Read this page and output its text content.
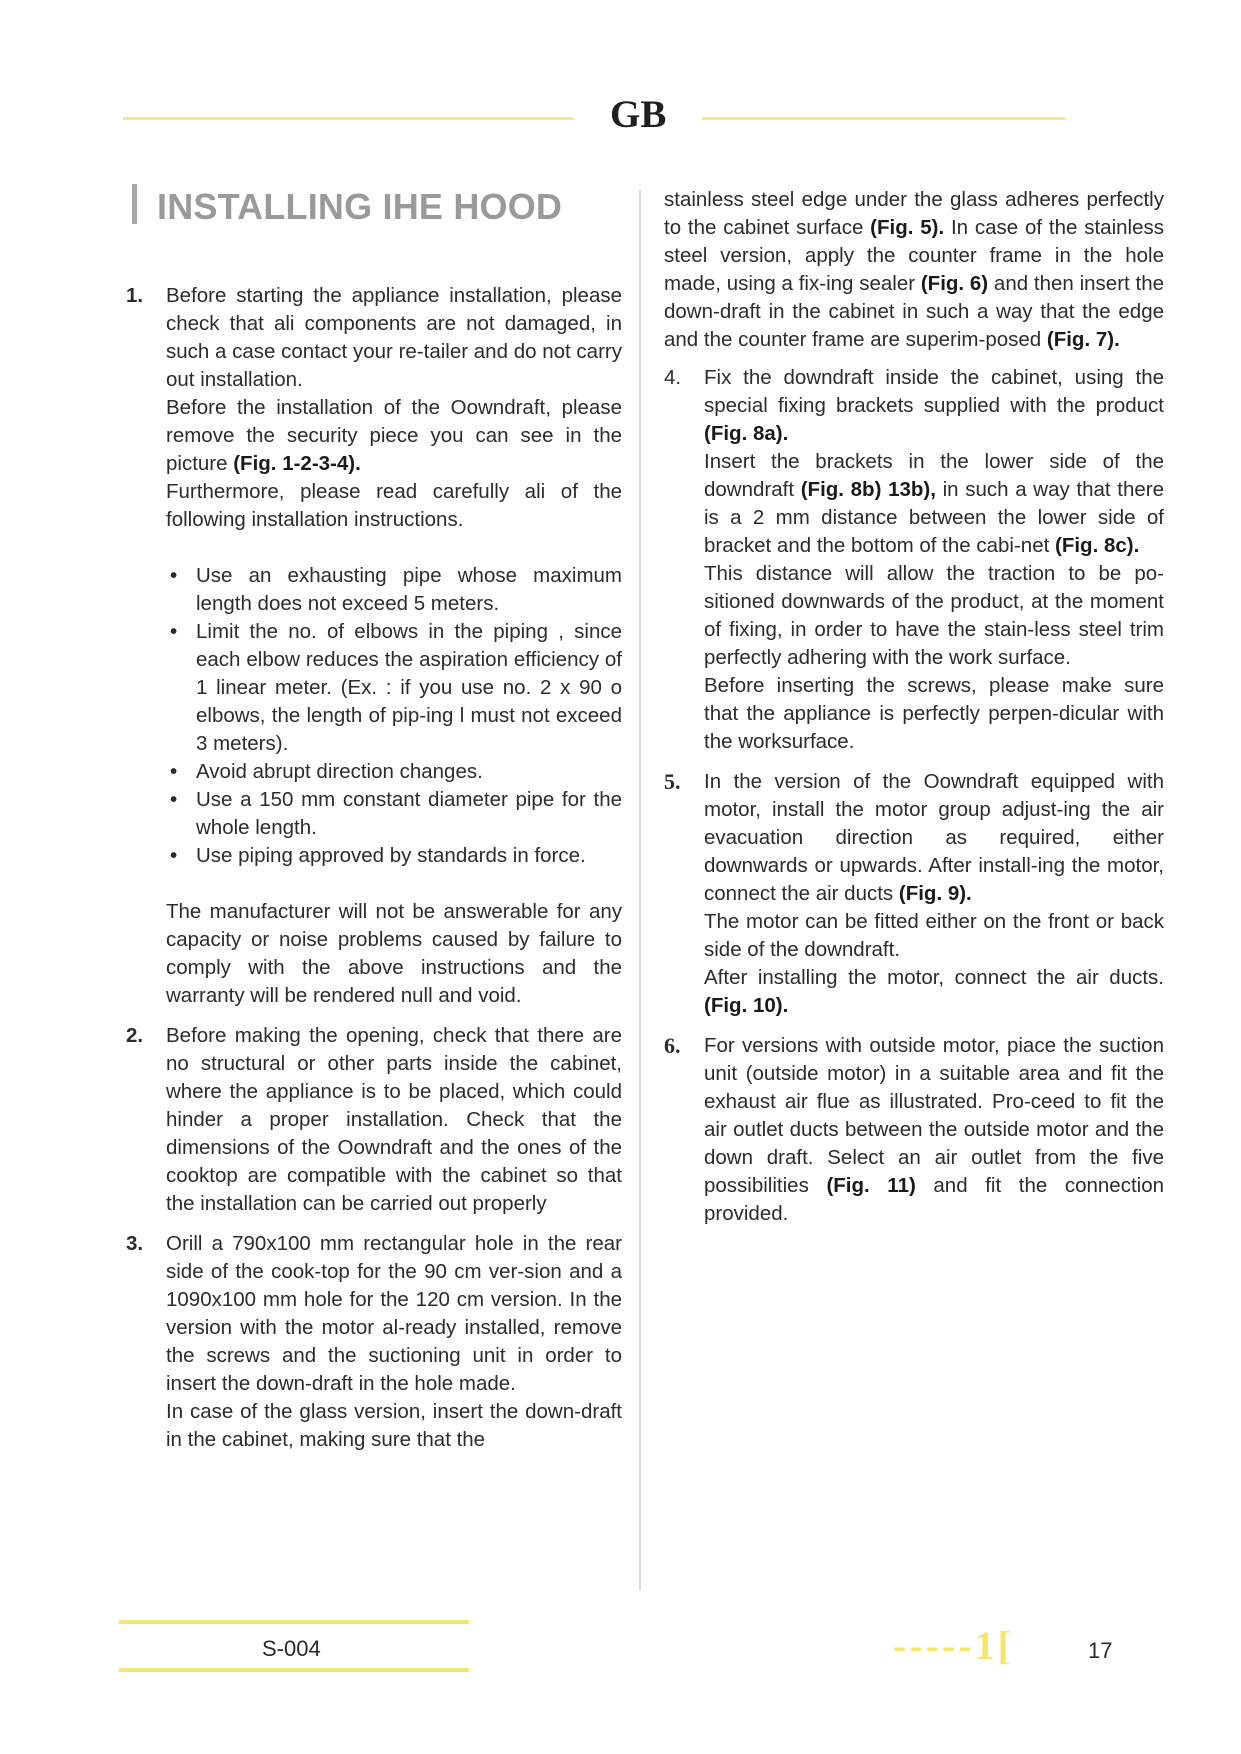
GB
INSTALLING IHE HOOD
1. Before starting the appliance installation, please check that ali components are not damaged, in such a case contact your re-tailer and do not carry out installation.

Before the installation of the Oowndraft, please remove the security piece you can see in the picture (Fig. 1-2-3-4).

Furthermore, please read carefully ali of the following installation instructions.

• Use an exhausting pipe whose maximum length does not exceed 5 meters.
• Limit the no. of elbows in the piping , since each elbow reduces the aspiration efficiency of 1 linear meter. (Ex. : if you use no. 2 x 90 o elbows, the length of pip-ing l must not exceed 3 meters).
• Avoid abrupt direction changes.
• Use a 150 mm constant diameter pipe for the whole length.
• Use piping approved by standards in force.

The manufacturer will not be answerable for any capacity or noise problems caused by failure to comply with the above instructions and the warranty will be rendered null and void.

2. Before making the opening, check that there are no structural or other parts inside the cabinet, where the appliance is to be placed, which could hinder a proper installation. Check that the dimensions of the Oowndraft and the ones of the cooktop are compatible with the cabinet so that the installation can be carried out properly

3. Orill a 790x100 mm rectangular hole in the rear side of the cook-top for the 90 cm ver-sion and a 1090x100 mm hole for the 120 cm version. In the version with the motor al-ready installed, remove the screws and the suctioning unit in order to insert the down-draft in the hole made.

In case of the glass version, insert the down-draft in the cabinet, making sure that the

stainless steel edge under the glass adheres perfectly to the cabinet surface (Fig. 5). In case of the stainless steel version, apply the counter frame in the hole made, using a fix-ing sealer (Fig. 6) and then insert the down-draft in the cabinet in such a way that the edge and the counter frame are superim-posed (Fig. 7).

4. Fix the downdraft inside the cabinet, using the special fixing brackets supplied with the product (Fig. 8a).

Insert the brackets in the lower side of the downdraft (Fig. 8b) 13b), in such a way that there is a 2 mm distance between the lower side of bracket and the bottom of the cabi-net (Fig. 8c).

This distance will allow the traction to be po-sitioned downwards of the product, at the moment of fixing, in order to have the stain-less steel trim perfectly adhering with the work surface.

Before inserting the screws, please make sure that the appliance is perfectly perpen-dicular with the worksurface.

5. In the version of the Oowndraft equipped with motor, install the motor group adjust-ing the air evacuation direction as required, either downwards or upwards. After install-ing the motor, connect the air ducts (Fig. 9).

The motor can be fitted either on the front or back side of the downdraft.

After installing the motor, connect the air ducts. (Fig. 10).

6. For versions with outside motor, piace the suction unit (outside motor) in a suitable area and fit the exhaust air flue as illustrated. Pro-ceed to fit the air outlet ducts between the outside motor and the down draft. Select an air outlet from the five possibilities (Fig. 11) and fit the connection provided.

S-004	-----1[	17
